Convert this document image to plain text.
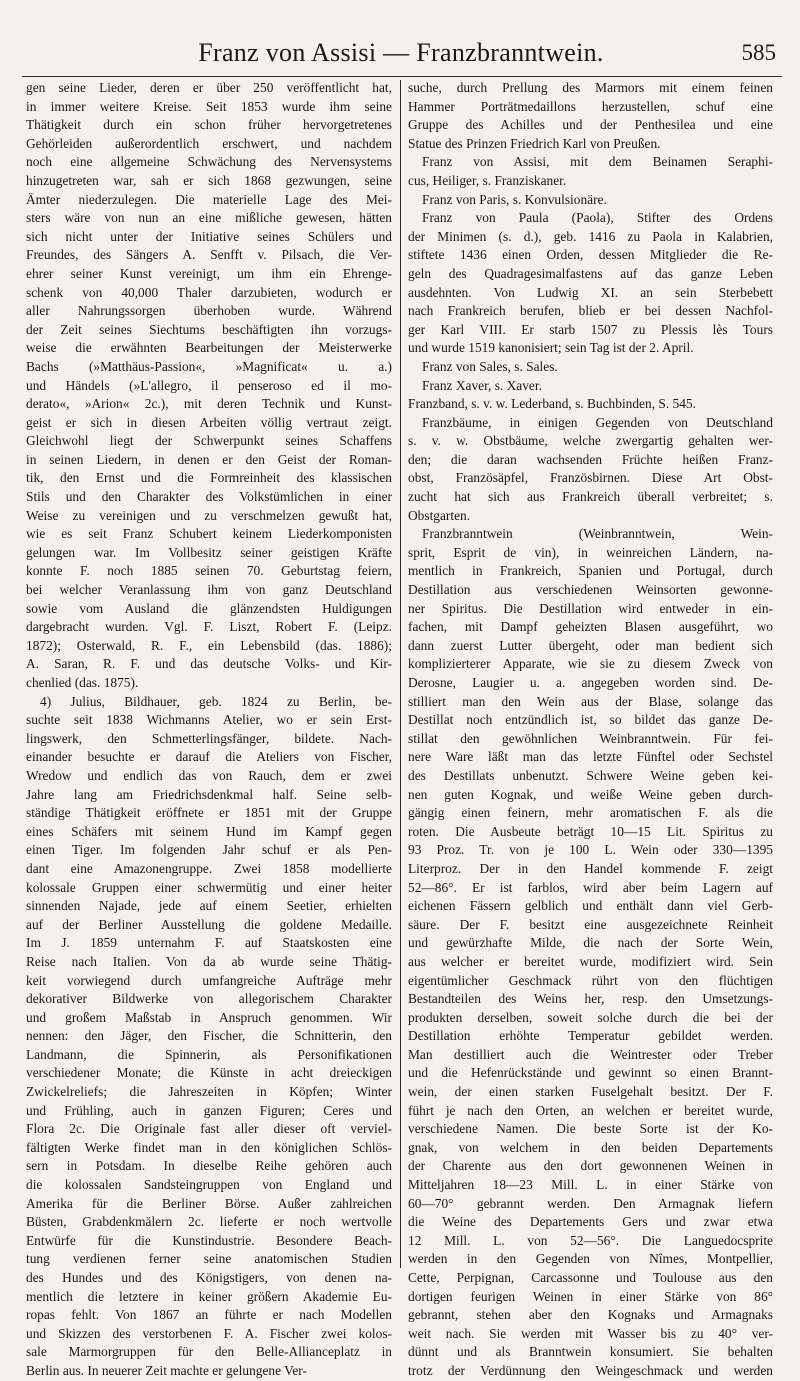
Franz von Assisi — Franzbranntwein.	585
gen seine Lieder, deren er über 250 veröffentlicht hat,
in immer weitere Kreise. Seit 1853 wurde ihm seine
Thätigkeit durch ein schon früher hervorgetretenes
Gehörleiden außerordentlich erschwert, und nachdem
noch eine allgemeine Schwächung des Nervensystems
hinzugetreten war, sah er sich 1868 gezwungen, seine
Ämter niederzulegen. Die materielle Lage des Mei-
sters wäre von nun an eine mißliche gewesen, hätten
sich nicht unter der Initiative seines Schülers und
Freundes, des Sängers A. Senfft v. Pilsach, die Ver-
ehrer seiner Kunst vereinigt, um ihm ein Ehrenge-
schenk von 40,000 Thaler darzubieten, wodurch er
aller Nahrungssorgen überhoben wurde. Während
der Zeit seines Siechtums beschäftigten ihn vorzugs-
weise die erwähnten Bearbeitungen der Meisterwerke
Bachs (»Matthäus-Passion«, »Magnificat« u. a.)
und Händels (»L'allegro, il penseroso ed il mo-
derato«, »Arion« 2c.), mit deren Technik und Kunst-
geist er sich in diesen Arbeiten völlig vertraut zeigt.
Gleichwohl liegt der Schwerpunkt seines Schaffens
in seinen Liedern, in denen er den Geist der Roman-
tik, den Ernst und die Formreinheit des klassischen
Stils und den Charakter des Volkstümlichen in einer
Weise zu vereinigen und zu verschmelzen gewußt hat,
wie es seit Franz Schubert keinem Liederkomponisten
gelungen war. Im Vollbesitz seiner geistigen Kräfte
konnte F. noch 1885 seinen 70. Geburtstag feiern,
bei welcher Veranlassung ihm von ganz Deutschland
sowie vom Ausland die glänzendsten Huldigungen
dargebracht wurden. Vgl. F. Liszt, Robert F. (Leipz.
1872); Osterwald, R. F., ein Lebensbild (das. 1886);
A. Saran, R. F. und das deutsche Volks- und Kir-
chenlied (das. 1875).
4) Julius, Bildhauer, geb. 1824 zu Berlin, be-
suchte seit 1838 Wichmanns Atelier, wo er sein Erst-
lingswerk, den Schmetterlingsfänger, bildete. Nach-
einander besuchte er darauf die Ateliers von Fischer,
Wredow und endlich das von Rauch, dem er zwei
Jahre lang am Friedrichsdenkmal half. Seine selb-
ständige Thätigkeit eröffnete er 1851 mit der Gruppe
eines Schäfers mit seinem Hund im Kampf gegen
einen Tiger. Im folgenden Jahr schuf er als Pen-
dant eine Amazonengruppe. Zwei 1858 modellierte
kolossale Gruppen einer schwermütig und einer heiter
sinnenden Najade, jede auf einem Seetier, erhielten
auf der Berliner Ausstellung die goldene Medaille.
Im J. 1859 unternahm F. auf Staatskosten eine
Reise nach Italien. Von da ab wurde seine Thätig-
keit vorwiegend durch umfangreiche Aufträge mehr
dekorativer Bildwerke von allegorischem Charakter
und großem Maßstab in Anspruch genommen. Wir
nennen: den Jäger, den Fischer, die Schnitterin, den
Landmann, die Spinnerin, als Personifikationen
verschiedener Monate; die Künste in acht dreieckigen
Zwickelreliefs; die Jahreszeiten in Köpfen; Winter
und Frühling, auch in ganzen Figuren; Ceres und
Flora 2c. Die Originale fast aller dieser oft verviel-
fältigten Werke findet man in den königlichen Schlös-
sern in Potsdam. In dieselbe Reihe gehören auch
die kolossalen Sandsteingruppen von England und
Amerika für die Berliner Börse. Außer zahlreichen
Büsten, Grabdenkmälern 2c. lieferte er noch wertvolle
Entwürfe für die Kunstindustrie. Besondere Beach-
tung verdienen ferner seine anatomischen Studien
des Hundes und des Königstigers, von denen na-
mentlich die letztere in keiner größern Akademie Eu-
ropas fehlt. Von 1867 an führte er nach Modellen
und Skizzen des verstorbenen F. A. Fischer zwei kolos-
sale Marmorgruppen für den Belle-Allianceplatz in
Berlin aus. In neuerer Zeit machte er gelungene Ver-
suche, durch Prellung des Marmors mit einem feinen
Hammer Porträtmedaillons herzustellen, schuf eine
Gruppe des Achilles und der Penthesilea und eine
Statue des Prinzen Friedrich Karl von Preußen.
Franz von Assisi, mit dem Beinamen Seraphi-
cus, Heiliger, s. Franziskaner.
Franz von Paris, s. Konvulsionäre.
Franz von Paula (Paola), Stifter des Ordens
der Minimen (s. d.), geb. 1416 zu Paola in Kalabrien,
stiftete 1436 einen Orden, dessen Mitglieder die Re-
geln des Quadragesimalfastens auf das ganze Leben
ausdehnten. Von Ludwig XI. an sein Sterbebett
nach Frankreich berufen, blieb er bei dessen Nachfol-
ger Karl VIII. Er starb 1507 zu Plessis lès Tours
und wurde 1519 kanonisiert; sein Tag ist der 2. April.
Franz von Sales, s. Sales.
Franz Xaver, s. Xaver.
Franzband, s. v. w. Lederband, s. Buchbinden, S. 545.
Franzbäume, in einigen Gegenden von Deutschland
s. v. w. Obstbäume, welche zwergartig gehalten wer-
den; die daran wachsenden Früchte heißen Franz-
obst, Französäpfel, Französbirnen. Diese Art Obst-
zucht hat sich aus Frankreich überall verbreitet; s.
Obstgarten.
Franzbranntwein (Weinbranntwein, Wein-
sprit, Esprit de vin), in weinreichen Ländern, na-
mentlich in Frankreich, Spanien und Portugal, durch
Destillation aus verschiedenen Weinsorten gewonne-
ner Spiritus. Die Destillation wird entweder in ein-
fachen, mit Dampf geheizten Blasen ausgeführt, wo
dann zuerst Lutter übergeht, oder man bedient sich
komplizierterer Apparate, wie sie zu diesem Zweck von
Derosne, Laugier u. a. angegeben worden sind. De-
stilliert man den Wein aus der Blase, solange das
Destillat noch entzündlich ist, so bildet das ganze De-
stillat den gewöhnlichen Weinbranntwein. Für fei-
nere Ware läßt man das letzte Fünftel oder Sechstel
des Destillats unbenutzt. Schwere Weine geben kei-
nen guten Kognak, und weiße Weine geben durch-
gängig einen feinern, mehr aromatischen F. als die
roten. Die Ausbeute beträgt 10—15 Lit. Spiritus zu
93 Proz. Tr. von je 100 L. Wein oder 330—1395
Literproz. Der in den Handel kommende F. zeigt
52—86°. Er ist farblos, wird aber beim Lagern auf
eichenen Fässern gelblich und enthält dann viel Gerb-
säure. Der F. besitzt eine ausgezeichnete Reinheit
und gewürzhafte Milde, die nach der Sorte Wein,
aus welcher er bereitet wurde, modifiziert wird. Sein
eigentümlicher Geschmack rührt von den flüchtigen
Bestandteilen des Weins her, resp. den Umsetzungs-
produkten derselben, soweit solche durch die bei der
Destillation erhöhte Temperatur gebildet werden.
Man destilliert auch die Weintrester oder Treber
und die Hefenrückstände und gewinnt so einen Brannt-
wein, der einen starken Fuselgehalt besitzt. Der F.
führt je nach den Orten, an welchen er bereitet wurde,
verschiedene Namen. Die beste Sorte ist der Ko-
gnak, von welchem in den beiden Departements
der Charente aus den dort gewonnenen Weinen in
Mitteljahren 18—23 Mill. L. in einer Stärke von
60—70° gebrannt werden. Den Armagnak liefern
die Weine des Departements Gers und zwar etwa
12 Mill. L. von 52—56°. Die Languedocsprite
werden in den Gegenden von Nîmes, Montpellier,
Cette, Perpignan, Carcassonne und Toulouse aus den
dortigen feurigen Weinen in einer Stärke von 86°
gebrannt, stehen aber den Kognaks und Armagnaks
weit nach. Sie werden mit Wasser bis zu 40° ver-
dünnt und als Branntwein konsumiert. Sie behalten
trotz der Verdünnung den Weingeschmack und werden
